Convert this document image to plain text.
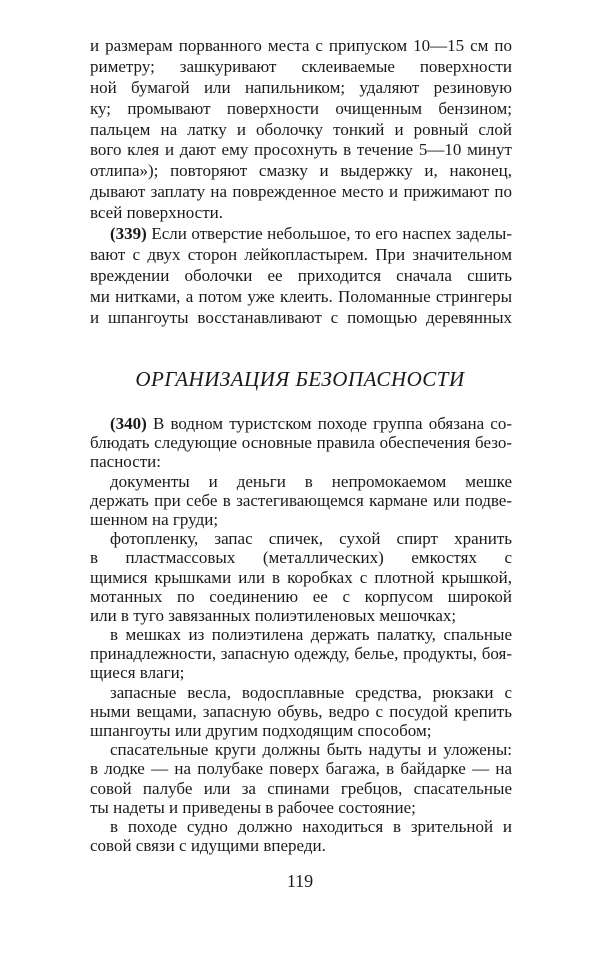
и размерам порванного места с припуском 10—15 см по
риметру; зашкуривают склеиваемые поверхности
ной бумагой или напильником; удаляют резиновую
ку; промывают поверхности очищенным бензином;
пальцем на латку и оболочку тонкий и ровный слой
вого клея и дают ему просохнуть в течение 5—10 минут
отлипа»); повторяют смазку и выдержку и, наконец,
дывают заплату на поврежденное место и прижимают по
всей поверхности.
(339) Если отверстие небольшое, то его наспех заделы-
вают с двух сторон лейкопластырем. При значительном
вреждении оболочки ее приходится сначала сшить
ми нитками, а потом уже клеить. Поломанные стрингеры
и шпангоуты восстанавливают с помощью деревянных
ОРГАНИЗАЦИЯ БЕЗОПАСНОСТИ
(340) В водном туристском походе группа обязана со-
блюдать следующие основные правила обеспечения безо-
пасности:
документы и деньги в непромокаемом мешке
держать при себе в застегивающемся кармане или подве-
шенном на груди;
фотопленку, запас спичек, сухой спирт хранить
в пластмассовых (металлических) емкостях с
щимися крышками или в коробках с плотной крышкой,
мотанных по соединению ее с корпусом широкой
или в туго завязанных полиэтиленовых мешочках;
в мешках из полиэтилена держать палатку, спальные
принадлежности, запасную одежду, белье, продукты, боя-
щиеся влаги;
запасные весла, водосплавные средства, рюкзаки с
ными вещами, запасную обувь, ведро с посудой крепить
шпангоуты или другим подходящим способом;
спасательные круги должны быть надуты и уложены:
в лодке — на полубаке поверх багажа, в байдарке — на
совой палубе или за спинами гребцов, спасательные
ты надеты и приведены в рабочее состояние;
в походе судно должно находиться в зрительной и
совой связи с идущими впереди.
119
